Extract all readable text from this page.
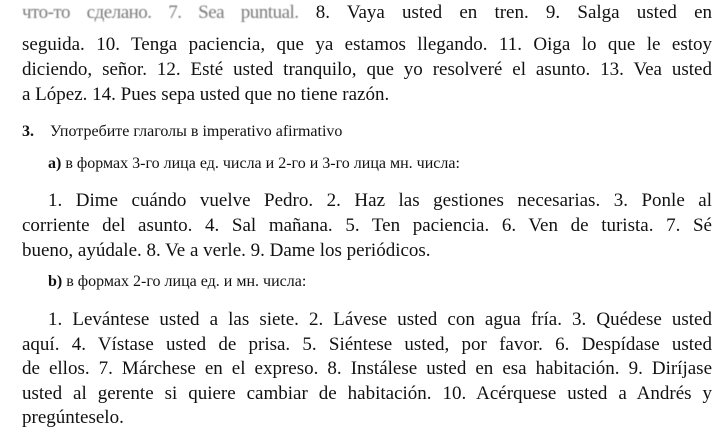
что-то сделано. 7. Sea puntual. 8. Vaya usted en tren. 9. Salga usted en
seguida. 10. Tenga paciencia, que ya estamos llegando. 11. Oiga lo que le estoy
diciendo, señor. 12. Esté usted tranquilo, que yo resolveré el asunto. 13. Vea usted
a López. 14. Pues sepa usted que no tiene razón.
3. Употребите глаголы в imperativo afirmativo
а) в формах 3-го лица ед. числа и 2-го и 3-го лица мн. числа:
1. Dime cuándo vuelve Pedro. 2. Haz las gestiones necesarias. 3. Ponle al
corriente del asunto. 4. Sal mañana. 5. Ten paciencia. 6. Ven de turista. 7. Sé
bueno, ayúdale. 8. Ve a verle. 9. Dame los periódicos.
b) в формах 2-го лица ед. и мн. числа:
1. Levántese usted a las siete. 2. Lávese usted con agua fría. 3. Quédese usted
aquí. 4. Vístase usted de prisa. 5. Siéntese usted, por favor. 6. Despídase usted
de ellos. 7. Márchese en el expreso. 8. Instálese usted en esa habitación. 9. Diríjase
usted al gerente si quiere cambiar de habitación. 10. Acérquese usted a Andrés y
pregúnteselo.
